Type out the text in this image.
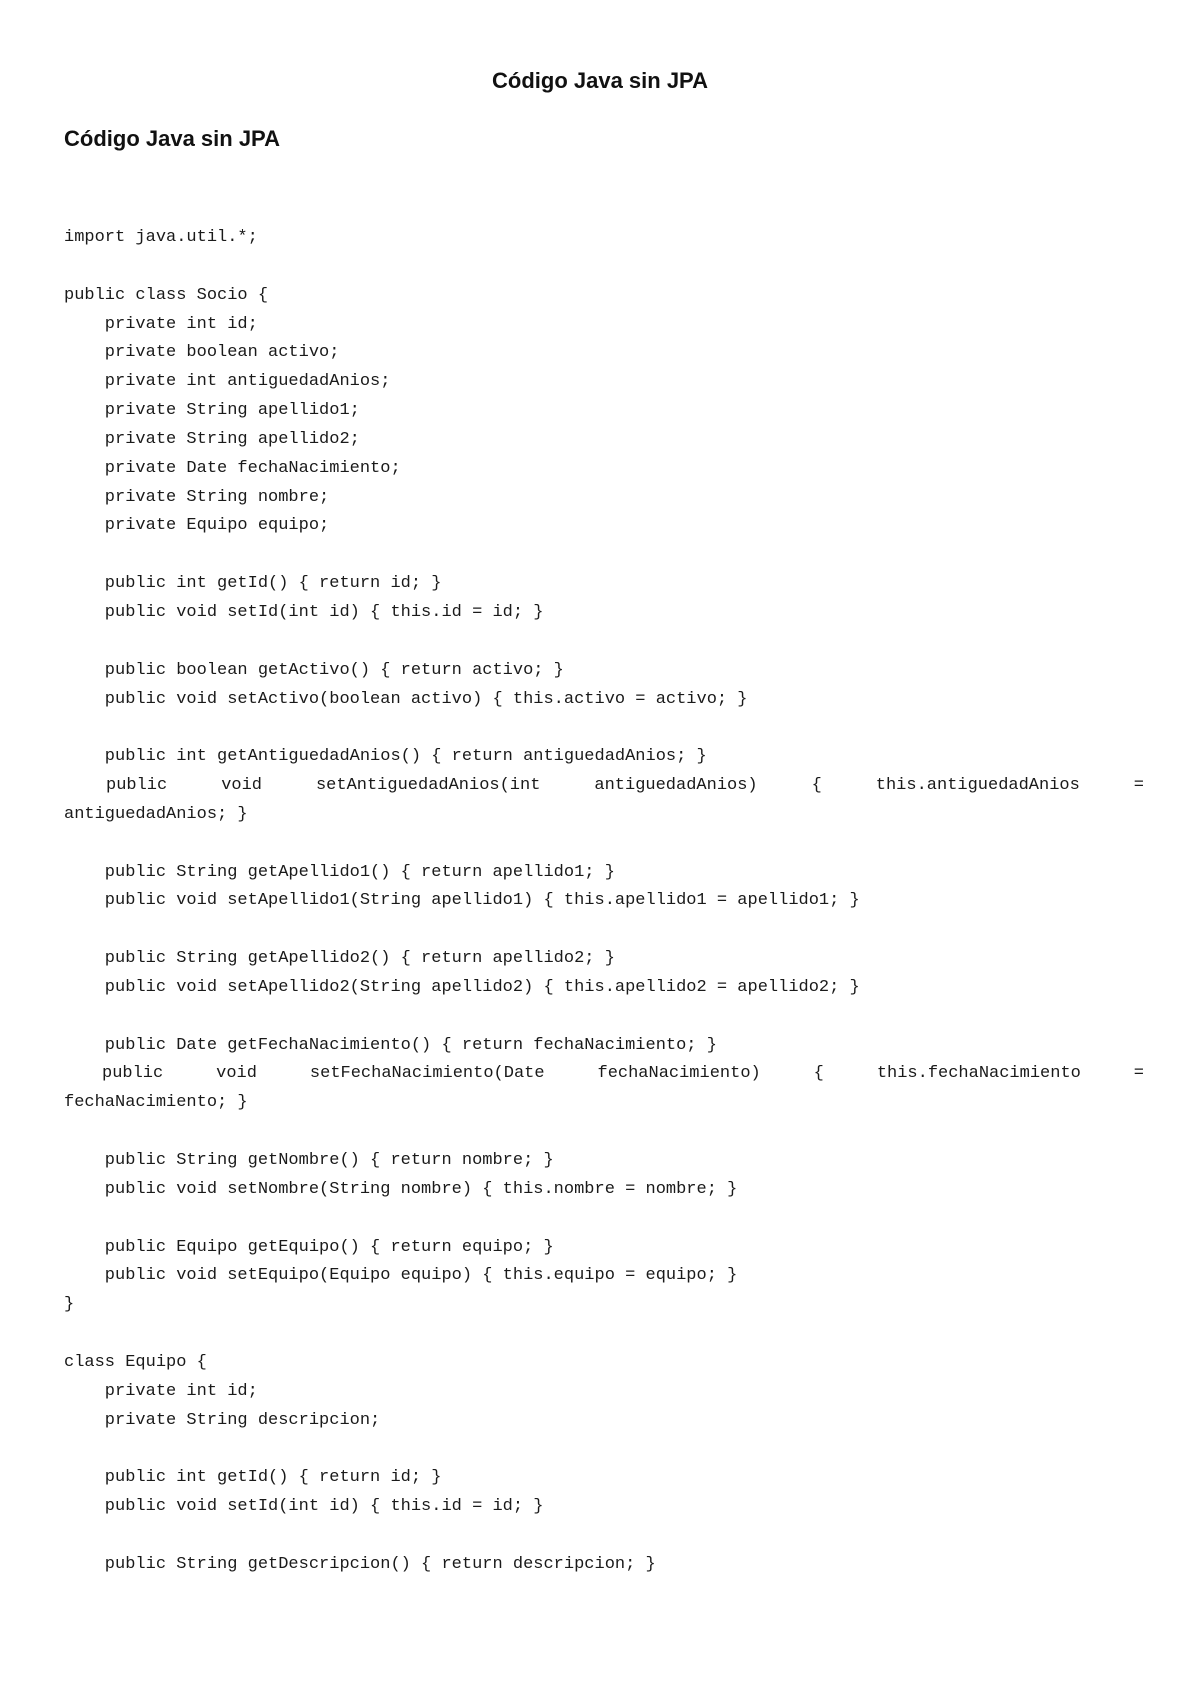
Código Java sin JPA
Código Java sin JPA
import java.util.*;
public class Socio {
private int id;
private boolean activo;
private int antiguedadAnios;
private String apellido1;
private String apellido2;
private Date fechaNacimiento;
private String nombre;
private Equipo equipo;
public int getId() { return id; }
public void setId(int id) { this.id = id; }
public boolean getActivo() { return activo; }
public void setActivo(boolean activo) { this.activo = activo; }
public int getAntiguedadAnios() { return antiguedadAnios; }
public void setAntiguedadAnios(int antiguedadAnios) { this.antiguedadAnios =
antiguedadAnios; }
public String getApellido1() { return apellido1; }
public void setApellido1(String apellido1) { this.apellido1 = apellido1; }
public String getApellido2() { return apellido2; }
public void setApellido2(String apellido2) { this.apellido2 = apellido2; }
public Date getFechaNacimiento() { return fechaNacimiento; }
public void setFechaNacimiento(Date fechaNacimiento) { this.fechaNacimiento =
fechaNacimiento; }
public String getNombre() { return nombre; }
public void setNombre(String nombre) { this.nombre = nombre; }
public Equipo getEquipo() { return equipo; }
public void setEquipo(Equipo equipo) { this.equipo = equipo; }
}
class Equipo {
private int id;
private String descripcion;
public int getId() { return id; }
public void setId(int id) { this.id = id; }
public String getDescripcion() { return descripcion; }
